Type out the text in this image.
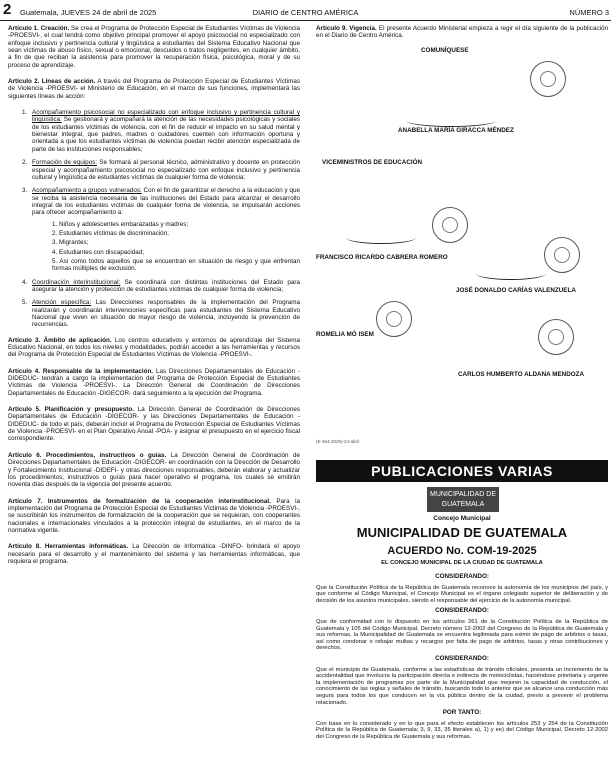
2 Guatemala, JUEVES 24 de abril de 2025	DIARIO de CENTRO AMÉRICA	NÚMERO 3

Artículo 1. Creación. Se crea el Programa de Protección Especial de Estudiantes Víctimas de Violencia -PROESVI-, el cual tendrá como objetivo principal promover el apoyo psicosocial no especializado con enfoque inclusivo y pertinencia cultural y lingüística a estudiantes del Sistema Educativo Nacional que sean víctimas de abuso físico, sexual o emocional, descuidos o tratos negligentes, en cualquier ámbito, a fin de que reciban la asistencia para promover la recuperación física, psicológica, moral y de su proceso de aprendizaje.

Artículo 2. Líneas de acción. A través del Programa de Protección Especial de Estudiantes Víctimas de Violencia -PROESVI- el Ministerio de Educación, en el marco de sus funciones, implementará las siguientes líneas de acción:

1. Acompañamiento psicosocial no especializado con enfoque inclusivo y pertinencia cultural y lingüística: Se gestionará y acompañará la atención de las necesidades psicológicas y sociales de los estudiantes víctimas de violencia, con el fin de reducir el impacto en su salud mental y bienestar integral, que padres, madres o cuidadores cuenten con información oportuna y orientada a que los estudiantes víctimas de violencia puedan recibir atención especializada de parte de las instituciones responsables;
2. Formación de equipos: Se formará al personal técnico, administrativo y docente en protección especial y acompañamiento psicosocial no especializado con enfoque inclusivo y pertinencia cultural y lingüística de estudiantes víctimas de cualquier forma de violencia;
3. Acompañamiento a grupos vulnerados: Con el fin de garantizar el derecho a la educación y que se reciba la asistencia necesaria de las instituciones del Estado para alcanzar el desarrollo integral de los estudiantes víctimas de cualquier forma de violencia, se impulsarán acciones para ofrecer acompañamiento a:
1. Niños y adolescentes embarazadas y madres;
2. Estudiantes víctimas de discriminación;
3. Migrantes;
4. Estudiantes con discapacidad;
5. Así como todos aquellos que se encuentran en situación de riesgo y que enfrentan formas múltiples de exclusión.
4. Coordinación interinstitucional: Se coordinará con distintas instituciones del Estado para asegurar la atención y protección de estudiantes víctimas de cualquier forma de violencia;
5. Atención específica: Las Direcciones responsables de la implementación del Programa realizarán y coordinarán intervenciones específicas para estudiantes del Sistema Educativo Nacional que viven en situación de mayor riesgo de violencia, incluyendo la prevención de recurrencias.

Artículo 3. Ámbito de aplicación. Los centros educativos y entornos de aprendizaje del Sistema Educativo Nacional, en todos los niveles y modalidades, podrán acceder a las herramientas y recursos del Programa de Protección Especial de Estudiantes Víctimas de Violencia -PROESVI-.

Artículo 4. Responsable de la implementación. Las Direcciones Departamentales de Educación -DIDEDUC- tendrán a cargo la implementación del Programa de Protección Especial de Estudiantes Víctimas de Violencia -PROESVI-. La Dirección General de Coordinación de Direcciones Departamentales de Educación -DIGECOR- dará seguimiento a la ejecución del Programa.

Artículo 5. Planificación y presupuesto. La Dirección General de Coordinación de Direcciones Departamentales de Educación -DIGECOR- y las Direcciones Departamentales de Educación -DIDEDUC- de todo el país, deberán incluir el Programa de Protección Especial de Estudiantes Víctimas de Violencia -PROESVI- en el Plan Operativo Anual -POA- y asignar el presupuesto en el ejercicio fiscal correspondiente.

Artículo 6. Procedimientos, instructivos o guías. La Dirección General de Coordinación de Direcciones Departamentales de Educación -DIGECOR- en coordinación con la Dirección de Desarrollo y Fortalecimiento Institucional -DIDEFI- y otras direcciones responsables, deberán elaborar y actualizar los procedimientos, instructivos o guías para hacer operativo el programa, los cuales se emitirán noventa días después de la vigencia del presente acuerdo.

Artículo 7. Instrumentos de formalización de la cooperación interinstitucional. Para la implementación del Programa de Protección Especial de Estudiantes Víctimas de Violencia -PROESVI-, se suscribirán los instrumentos de formalización de la cooperación que se requieran, con cooperantes nacionales e internacionales vinculados a la protección integral de estudiantes, en el marco de la normativa vigente.

Artículo 8. Herramientas informáticas. La Dirección de Informática -DINFO- brindará el apoyo necesario para el desarrollo y el mantenimiento del sistema y las herramientas informáticas, que requiera el programa.

Artículo 9. Vigencia. El presente Acuerdo Ministerial empieza a regir el día siguiente de la publicación en el Diario de Centro América.

COMUNÍQUESE
ANABELLA MARÍA GIRACCA MÉNDEZ
VICEMINISTROS DE EDUCACIÓN
FRANCISCO RICARDO CABRERA ROMERO
JOSÉ DONALDO CARÍAS VALENZUELA
ROMELIA MÓ ISEM
CARLOS HUMBERTO ALDANA MENDOZA
(E-364-2025)-24-abril
PUBLICACIONES VARIAS
MUNICIPALIDAD DE GUATEMALA
Concejo Municipal
MUNICIPALIDAD DE GUATEMALA
ACUERDO No. COM-19-2025
EL CONCEJO MUNICIPAL DE LA CIUDAD DE GUATEMALA
CONSIDERANDO:

Que la Constitución Política de la República de Guatemala reconoce la autonomía de los municipios del país, y que conforme al Código Municipal, el Concejo Municipal es el órgano colegiado superior de deliberación y de decisión de los asuntos municipales, siendo el responsable del ejercicio de la autonomía municipal.

CONSIDERANDO:

Que de conformidad con lo dispuesto en los artículos 261 de la Constitución Política de la República de Guatemala y 105 del Código Municipal, Decreto número 12-2002 del Congreso de la República de Guatemala y sus reformas, la Municipalidad de Guatemala se encuentra legitimada para eximir de pago de arbitrios o tasas, así como condonar o rebajar multas y recargos por falta de pago de arbitrios, tasas y otras contribuciones y derechos.

CONSIDERANDO:

Que el municipio de Guatemala, conforme a las estadísticas de tránsito oficiales, presenta un incremento de la accidentalidad que involucra la participación directa e indirecta de motociclistas, haciéndose prioritaria y urgente la implementación de programas por parte de la Municipalidad que mejoren la capacidad de conducción, el conocimiento de las reglas y señales de tránsito, buscando todo lo anterior que se alcance una conducción más segura para todos los que conducen en la vía pública dentro de la ciudad, previo a prevenir el problema relacionado.

POR TANTO:

Con base en lo considerado y en lo que para el efecto establecen los artículos 253 y 254 de la Constitución Política de la República de Guatemala; 3, 9, 33, 35 literales a), 1) y ee) del Código Municipal, Decreto 12-2002 del Congreso de la República de Guatemala y sus reformas.
